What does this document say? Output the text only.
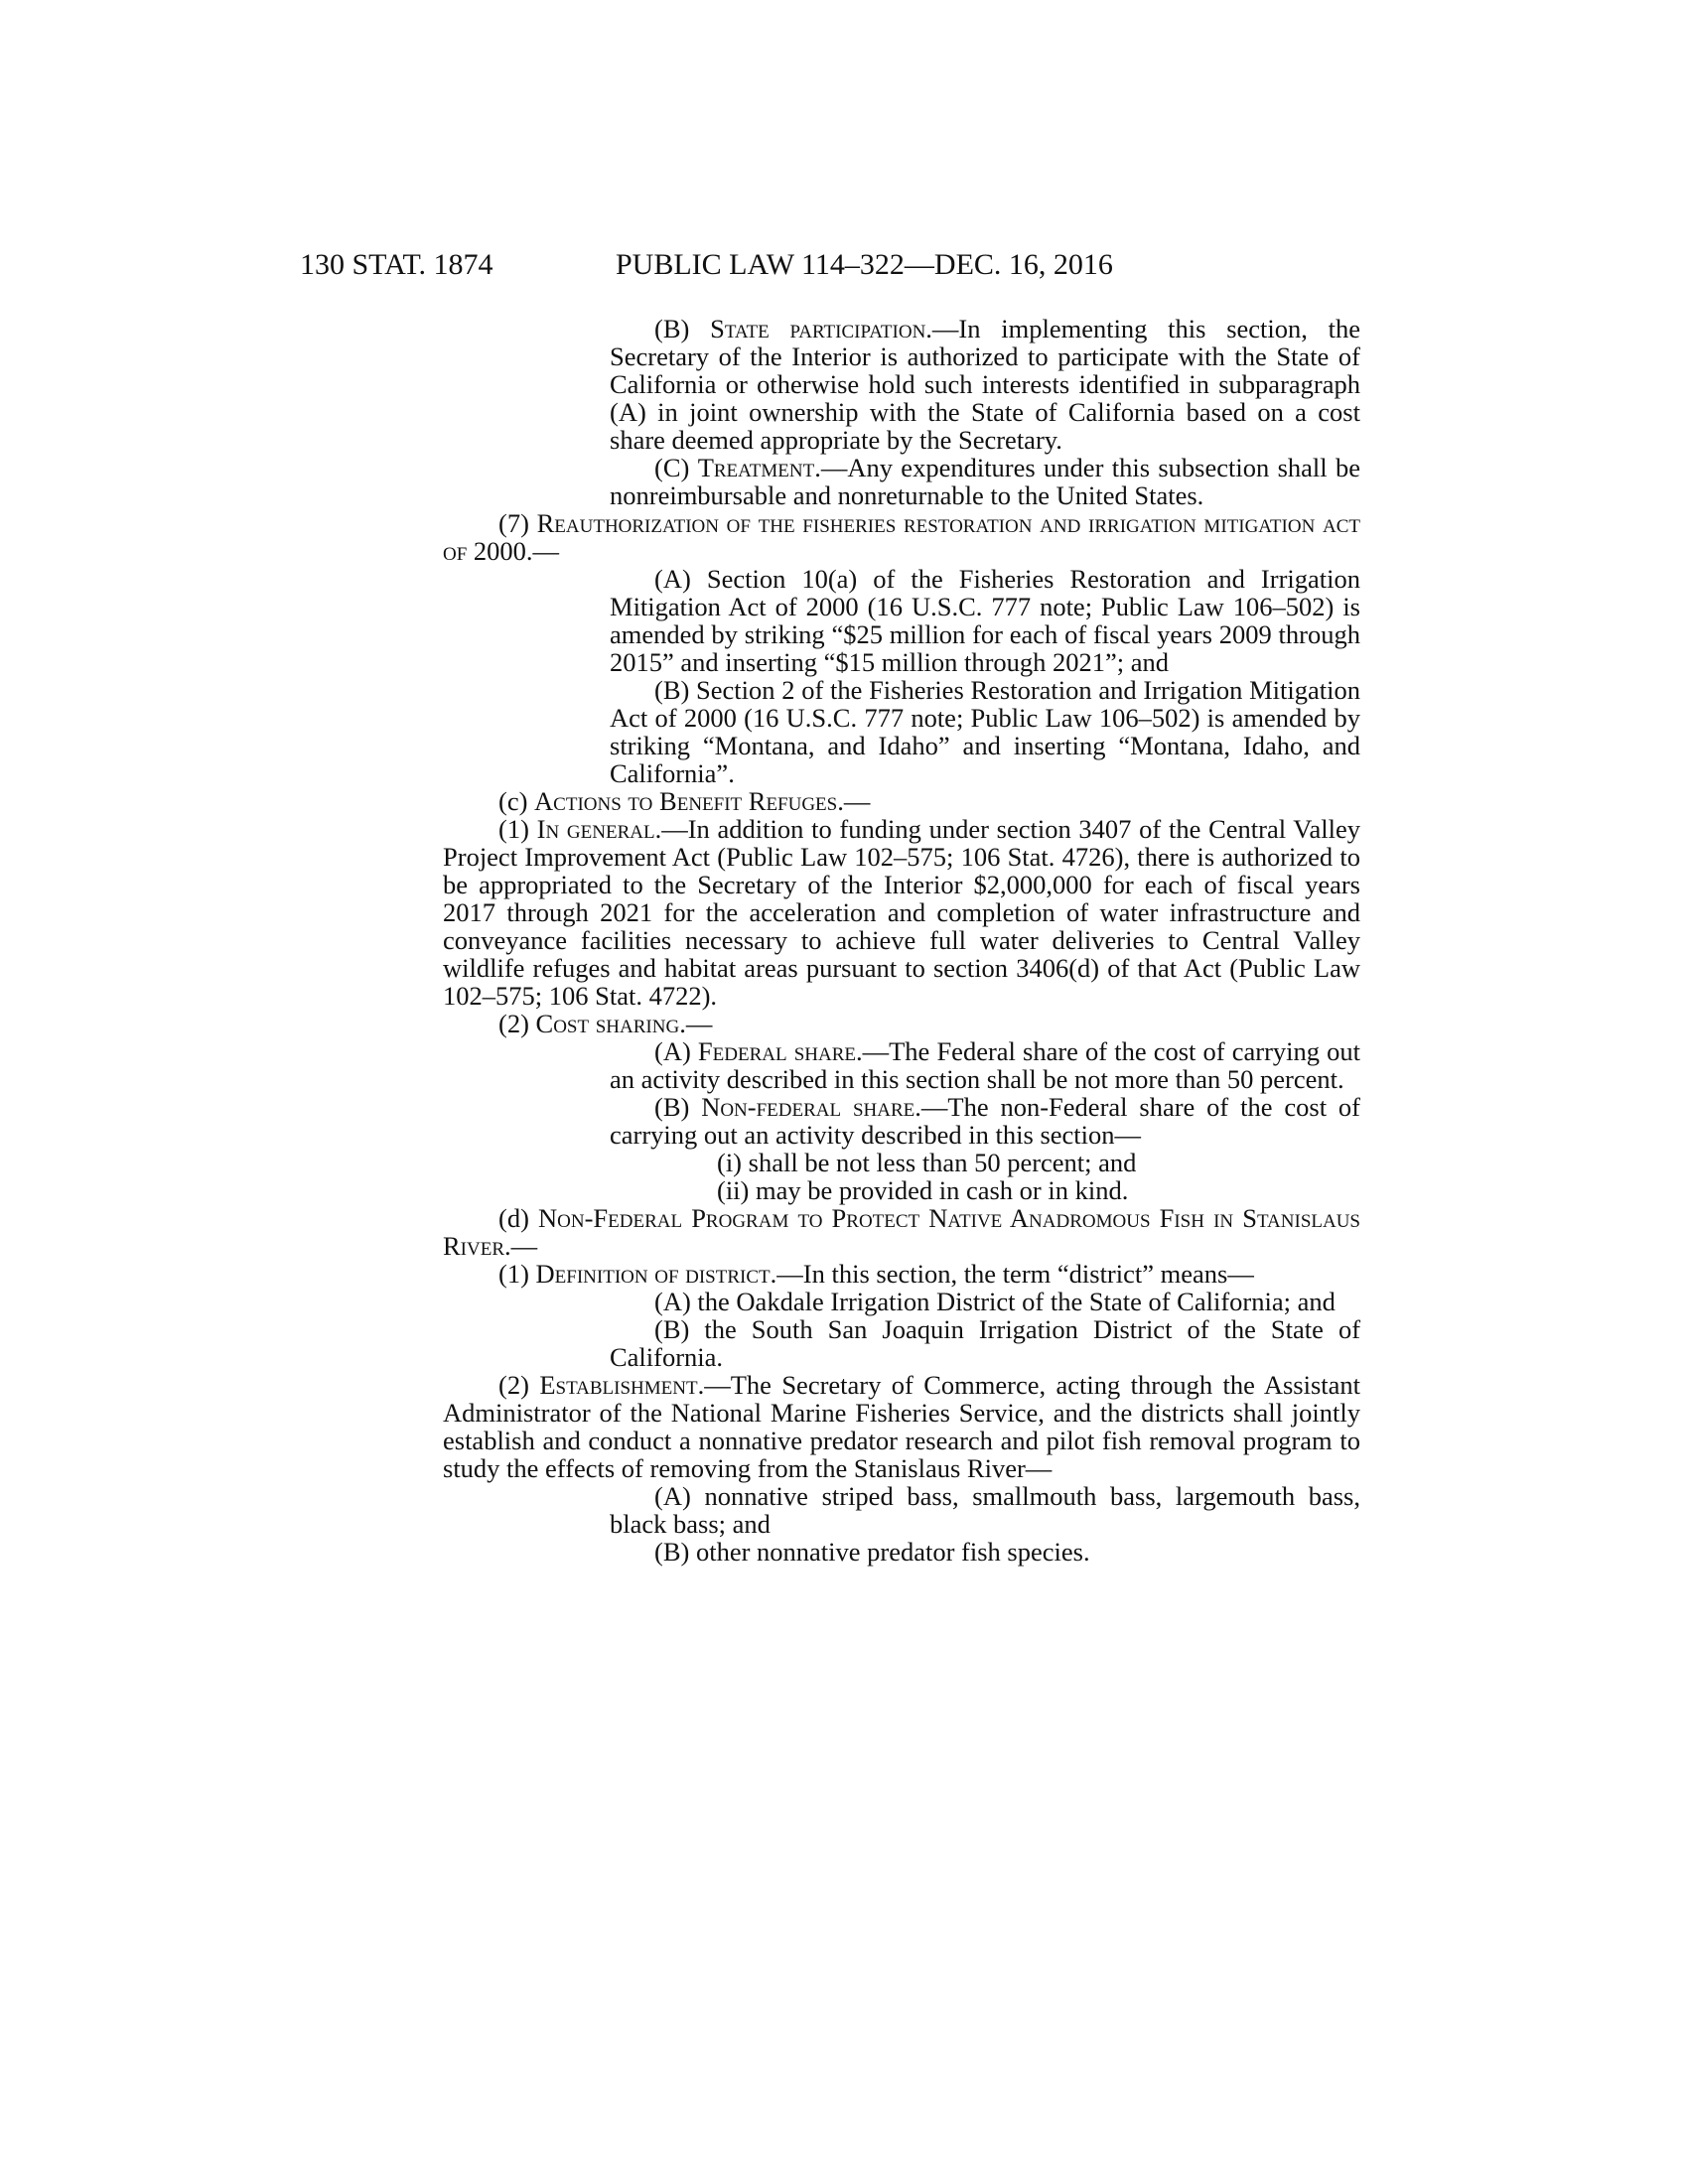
130 STAT. 1874	PUBLIC LAW 114–322—DEC. 16, 2016
(B) State participation.—In implementing this section, the Secretary of the Interior is authorized to participate with the State of California or otherwise hold such interests identified in subparagraph (A) in joint ownership with the State of California based on a cost share deemed appropriate by the Secretary.
(C) Treatment.—Any expenditures under this subsection shall be nonreimbursable and nonreturnable to the United States.
(7) Reauthorization of the fisheries restoration and irrigation mitigation act of 2000.—
(A) Section 10(a) of the Fisheries Restoration and Irrigation Mitigation Act of 2000 (16 U.S.C. 777 note; Public Law 106–502) is amended by striking “$25 million for each of fiscal years 2009 through 2015” and inserting “$15 million through 2021”; and
(B) Section 2 of the Fisheries Restoration and Irrigation Mitigation Act of 2000 (16 U.S.C. 777 note; Public Law 106–502) is amended by striking “Montana, and Idaho” and inserting “Montana, Idaho, and California”.
(c) Actions to Benefit Refuges.—
(1) In general.—In addition to funding under section 3407 of the Central Valley Project Improvement Act (Public Law 102–575; 106 Stat. 4726), there is authorized to be appropriated to the Secretary of the Interior $2,000,000 for each of fiscal years 2017 through 2021 for the acceleration and completion of water infrastructure and conveyance facilities necessary to achieve full water deliveries to Central Valley wildlife refuges and habitat areas pursuant to section 3406(d) of that Act (Public Law 102–575; 106 Stat. 4722).
(2) Cost sharing.—
(A) Federal share.—The Federal share of the cost of carrying out an activity described in this section shall be not more than 50 percent.
(B) Non-federal share.—The non-Federal share of the cost of carrying out an activity described in this section—
(i) shall be not less than 50 percent; and
(ii) may be provided in cash or in kind.
(d) Non-Federal Program to Protect Native Anadromous Fish in Stanislaus River.—
(1) Definition of district.—In this section, the term “district” means—
(A) the Oakdale Irrigation District of the State of California; and
(B) the South San Joaquin Irrigation District of the State of California.
(2) Establishment.—The Secretary of Commerce, acting through the Assistant Administrator of the National Marine Fisheries Service, and the districts shall jointly establish and conduct a nonnative predator research and pilot fish removal program to study the effects of removing from the Stanislaus River—
(A) nonnative striped bass, smallmouth bass, largemouth bass, black bass; and
(B) other nonnative predator fish species.
